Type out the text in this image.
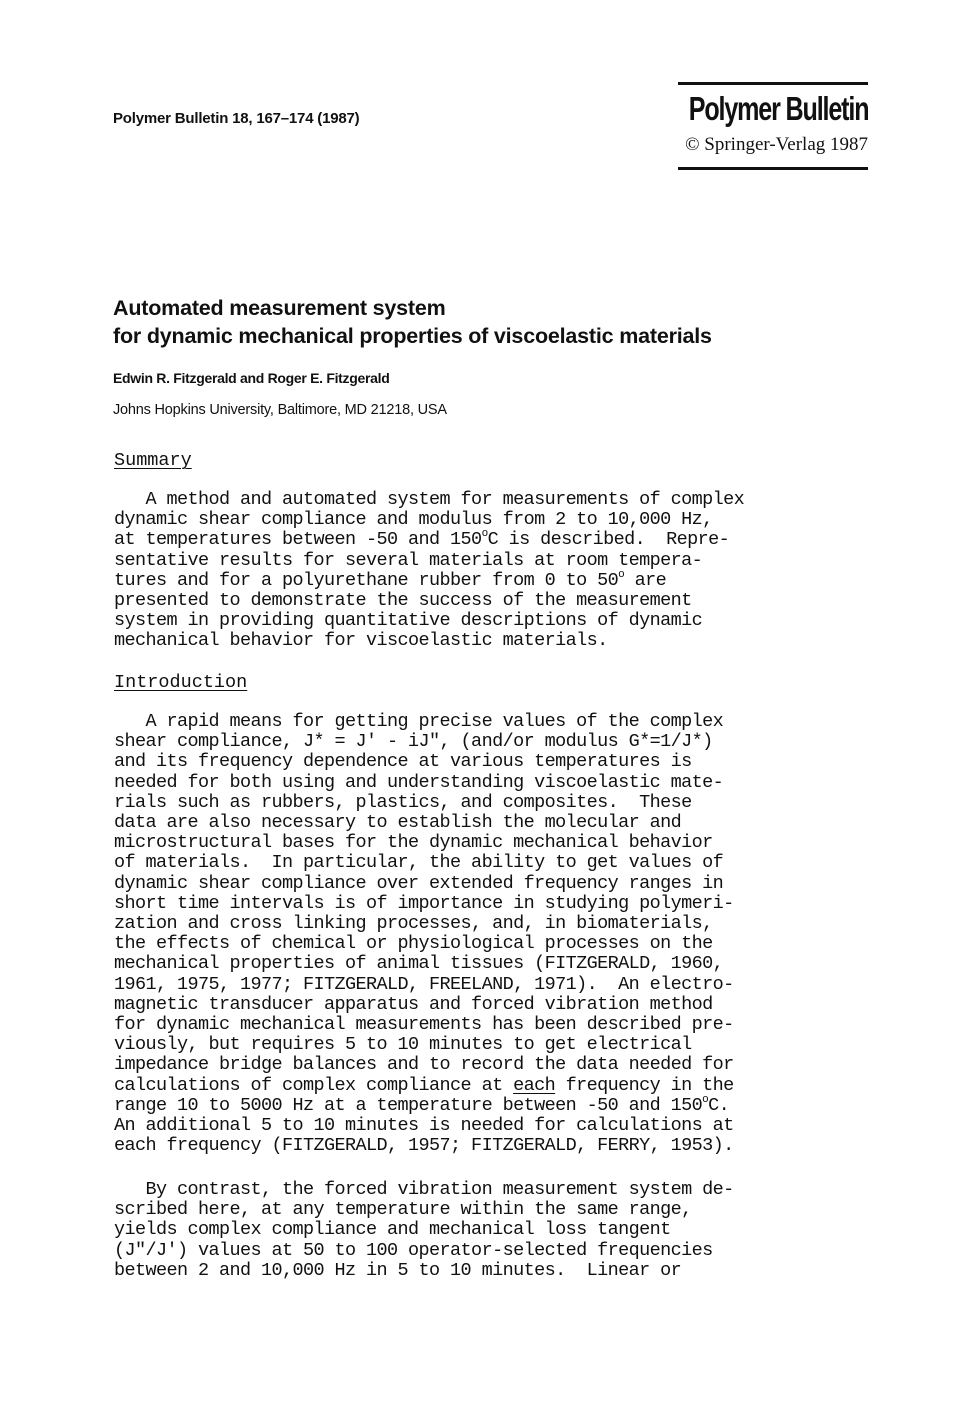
Polymer Bulletin 18, 167–174 (1987)	Polymer Bulletin
© Springer-Verlag 1987
Automated measurement system
for dynamic mechanical properties of viscoelastic materials
Edwin R. Fitzgerald and Roger E. Fitzgerald
Johns Hopkins University, Baltimore, MD 21218, USA
Summary
A method and automated system for measurements of complex
dynamic shear compliance and modulus from 2 to 10,000 Hz,
at temperatures between -50 and 150$^o$C is described.  Repre-
sentative results for several materials at room tempera-
tures and for a polyurethane rubber from 0 to 50$^o$ are
presented to demonstrate the success of the measurement
system in providing quantitative descriptions of dynamic
mechanical behavior for viscoelastic materials.
Introduction
A rapid means for getting precise values of the complex
shear compliance, J* = J' - iJ", (and/or modulus G*=1/J*)
and its frequency dependence at various temperatures is
needed for both using and understanding viscoelastic mate-
rials such as rubbers, plastics, and composites.  These
data are also necessary to establish the molecular and
microstructural bases for the dynamic mechanical behavior
of materials.  In particular, the ability to get values of
dynamic shear compliance over extended frequency ranges in
short time intervals is of importance in studying polymeri-
zation and cross linking processes, and, in biomaterials,
the effects of chemical or physiological processes on the
mechanical properties of animal tissues (FITZGERALD, 1960,
1961, 1975, 1977; FITZGERALD, FREELAND, 1971).  An electro-
magnetic transducer apparatus and forced vibration method
for dynamic mechanical measurements has been described pre-
viously, but requires 5 to 10 minutes to get electrical
impedance bridge balances and to record the data needed for
calculations of complex compliance at each frequency in the
range 10 to 5000 Hz at a temperature between -50 and 150$^o$C.
An additional 5 to 10 minutes is needed for calculations at
each frequency (FITZGERALD, 1957; FITZGERALD, FERRY, 1953).
By contrast, the forced vibration measurement system de-
scribed here, at any temperature within the same range,
yields complex compliance and mechanical loss tangent
(J"/J') values at 50 to 100 operator-selected frequencies
between 2 and 10,000 Hz in 5 to 10 minutes.  Linear or
